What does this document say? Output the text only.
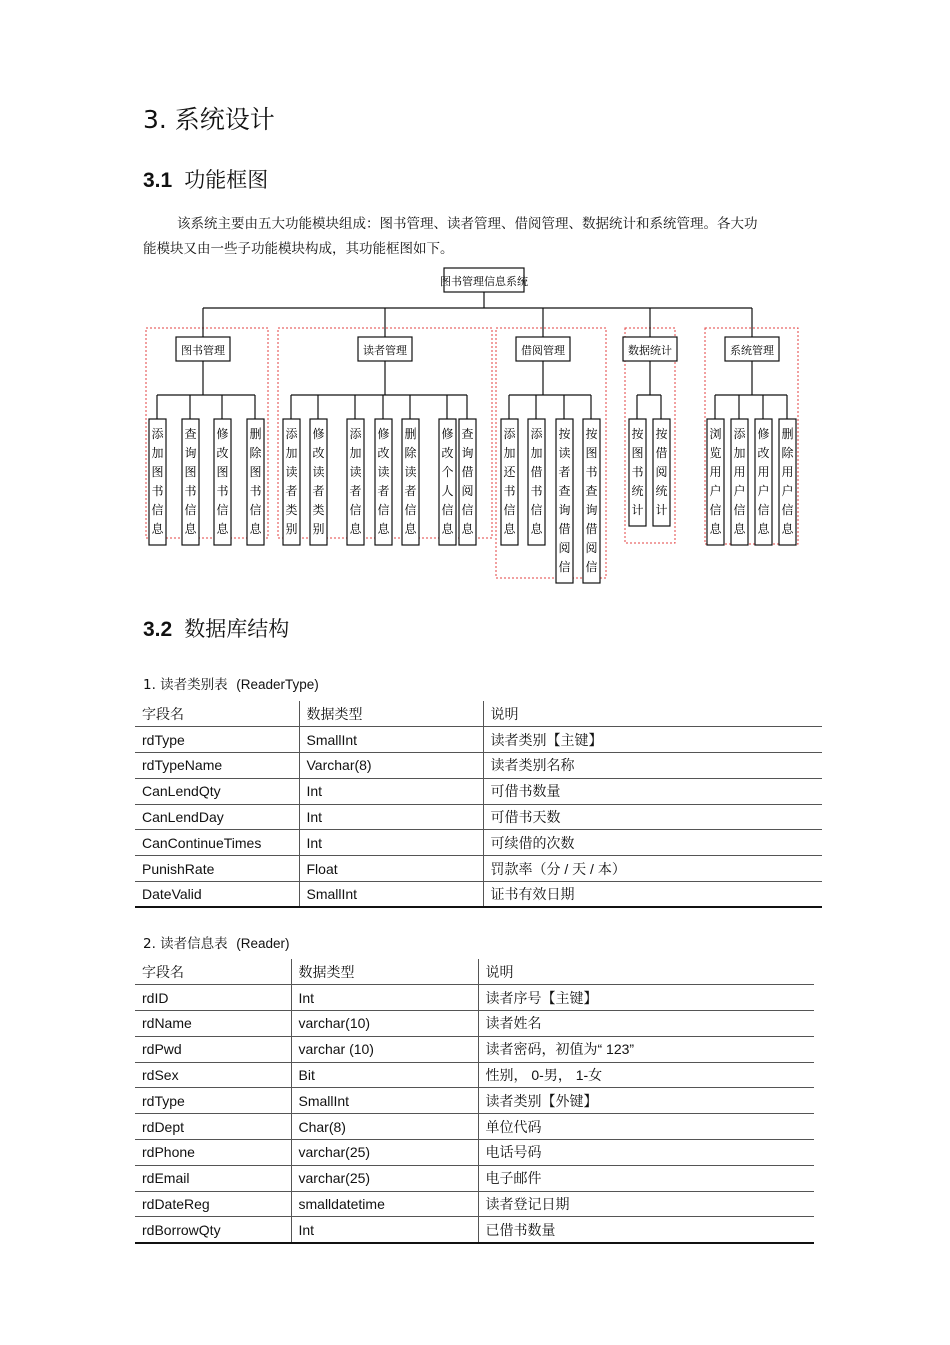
3. 系统设计
3.1 功能框图
该系统主要由五大功能模块组成：图书管理、读者管理、借阅管理、数据统计和系统管理。各大功能模块又由一些子功能模块构成，其功能框图如下。
图书管理信息系统
图书管理
添加图书信息
查询图书信息
修改图书信息
删除图书信息
读者管理
添加读者类别
修改读者类别
添加读者信息
修改读者信息
删除读者信息
修改个人信息
查询借阅信息
借阅管理
添加还书信息
添加借书信息
按读者查询借阅信
按图书查询借阅信
数据统计
按图书统计
按借阅统计
系统管理
浏览用户信息
添加用户信息
修改用户信息
删除用户信息
3.2 数据库结构
1. 读者类别表 (ReaderType)
字段名	数据类型	说明
rdType	SmallInt	读者类别【主键】
rdTypeName	Varchar(8)	读者类别名称
CanLendQty	Int	可借书数量
CanLendDay	Int	可借书天数
CanContinueTimes	Int	可续借的次数
PunishRate	Float	罚款率（分 / 天 / 本）
DateValid	SmallInt	证书有效日期
2. 读者信息表 (Reader)
字段名	数据类型	说明
rdID	Int	读者序号【主键】
rdName	varchar(10)	读者姓名
rdPwd	varchar (10)	读者密码，初值为“ 123”
rdSex	Bit	性别， 0-男， 1-女
rdType	SmallInt	读者类别【外键】
rdDept	Char(8)	单位代码
rdPhone	varchar(25)	电话号码
rdEmail	varchar(25)	电子邮件
rdDateReg	smalldatetime	读者登记日期
rdBorrowQty	Int	已借书数量
